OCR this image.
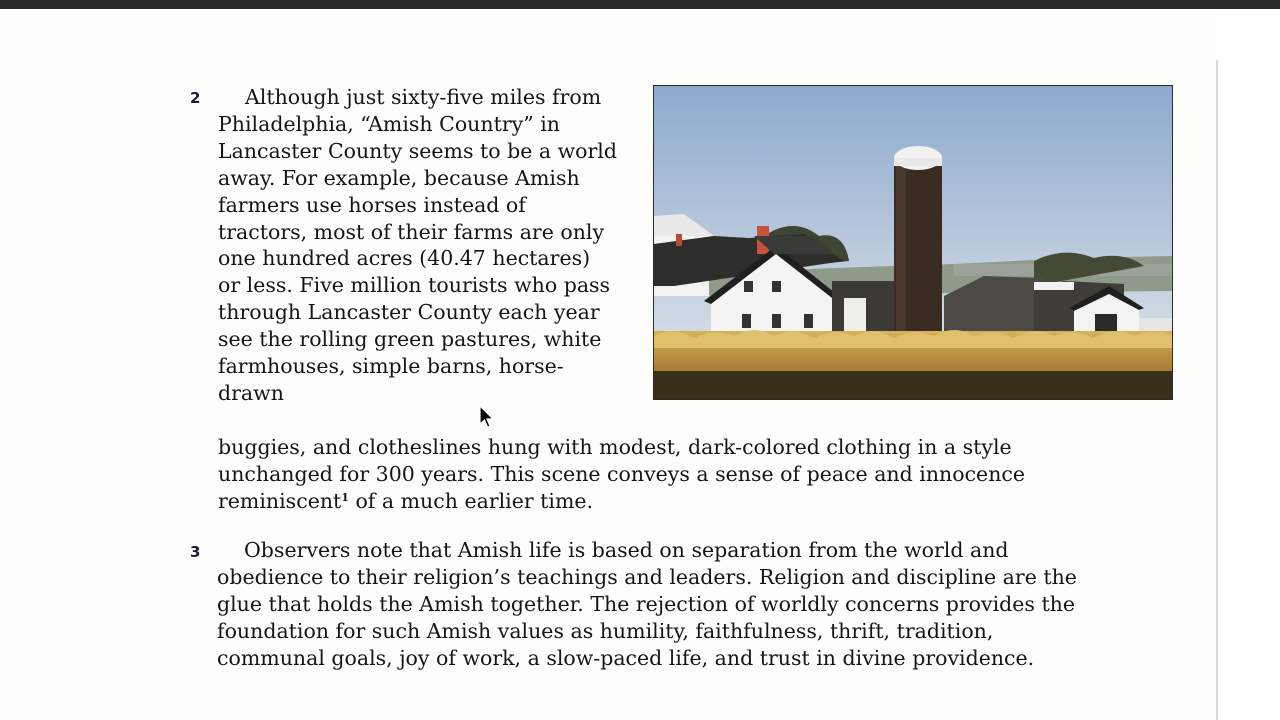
2	Although just sixty-five miles from Philadelphia, “Amish Country” in Lancaster County seems to be a world away. For example, because Amish farmers use horses instead of tractors, most of their farms are only one hundred acres (40.47 hectares) or less. Five million tourists who pass through Lancaster County each year see the rolling green pastures, white farmhouses, simple barns, horse-drawn

buggies, and clotheslines hung with modest, dark-colored clothing in a style unchanged for 300 years. This scene conveys a sense of peace and innocence reminiscent$^1$ of a much earlier time.

3	Observers note that Amish life is based on separation from the world and obedience to their religion’s teachings and leaders. Religion and discipline are the glue that holds the Amish together. The rejection of worldly concerns provides the foundation for such Amish values as humility, faithfulness, thrift, tradition, communal goals, joy of work, a slow-paced life, and trust in divine providence.
